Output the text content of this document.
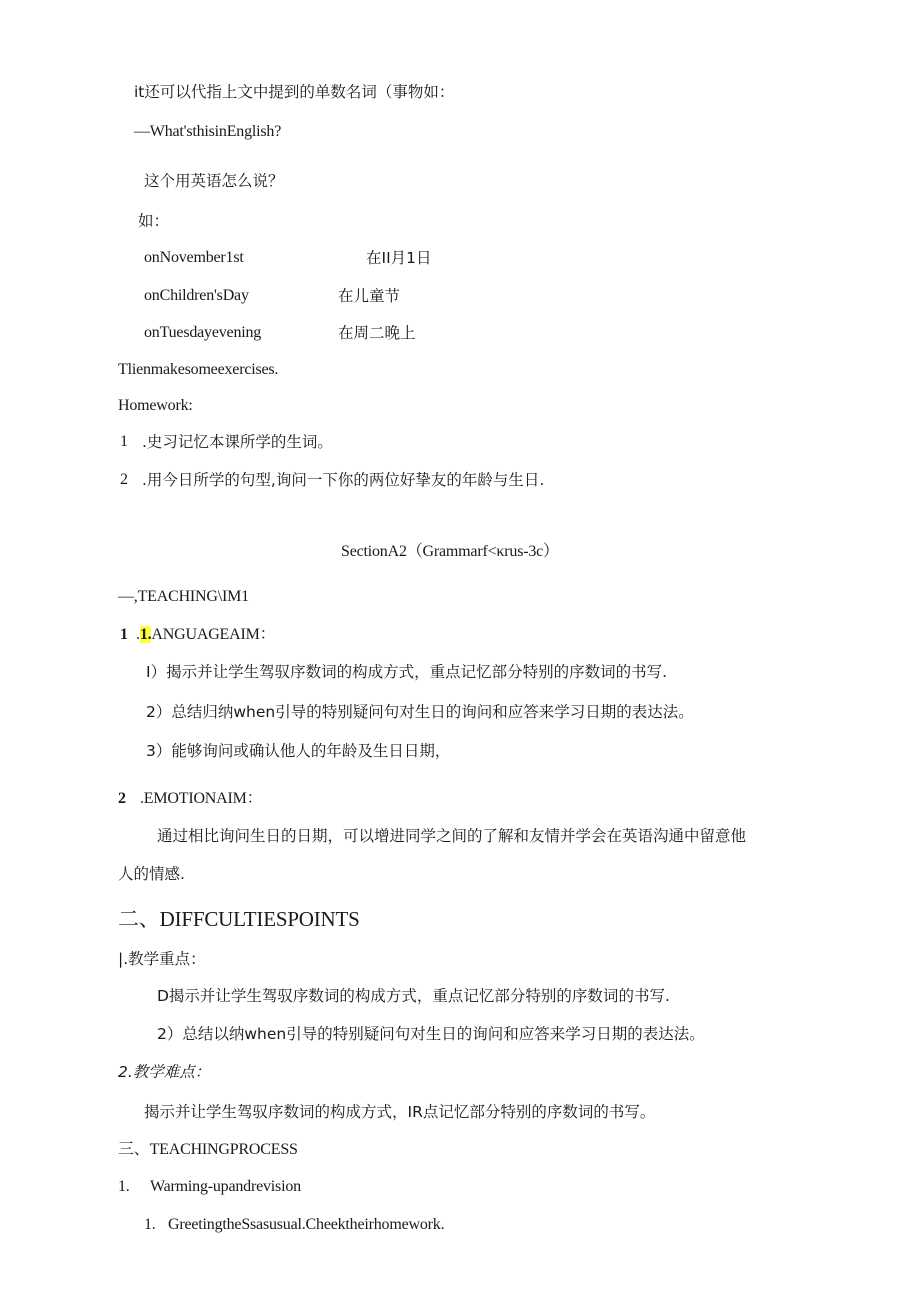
it还可以代指上文中提到的单数名词（事物如：
—What'sthisinEnglish?
这个用英语怎么说？
如：
onNovember1st	在II月1日
onChildren'sDay	在儿童节
onTuesdayevening	在周二晚上
Tlienmakesomeexercises.
Homework:
1 .史习记忆本课所学的生词。
2 .用今日所学的句型,询问一下你的两位好挚友的年龄与生日.
SectionA2（Grammarf<κrus-3c）
—,TEACHING\IM1
1 .1.ANGUAGEAIM：
I）揭示并让学生驾驭序数词的构成方式，重点记忆部分特别的序数词的书写.
2）总结归纳when引导的特别疑问句对生日的询问和应答来学习日期的表达法。
3）能够询问或确认他人的年龄及生日日期，
2 .EMOTIONAIM：
通过相比询问生日的日期，可以增进同学之间的了解和友情并学会在英语沟通中留意他
人的情感.
二、DIFFCULTIESPOINTS
|.教学重点：
D揭示并让学生驾驭序数词的构成方式，重点记忆部分特别的序数词的书写.
2）总结以纳when引导的特别疑问句对生日的询问和应答来学习日期的表达法。
2.教学难点：
揭示并让学生驾驭序数词的构成方式，IR点记忆部分特别的序数词的书写。
三、TEACHINGPROCESS
1. Warming-upandrevision
1. GreetingtheSsasusual.Cheektheirhomework.
